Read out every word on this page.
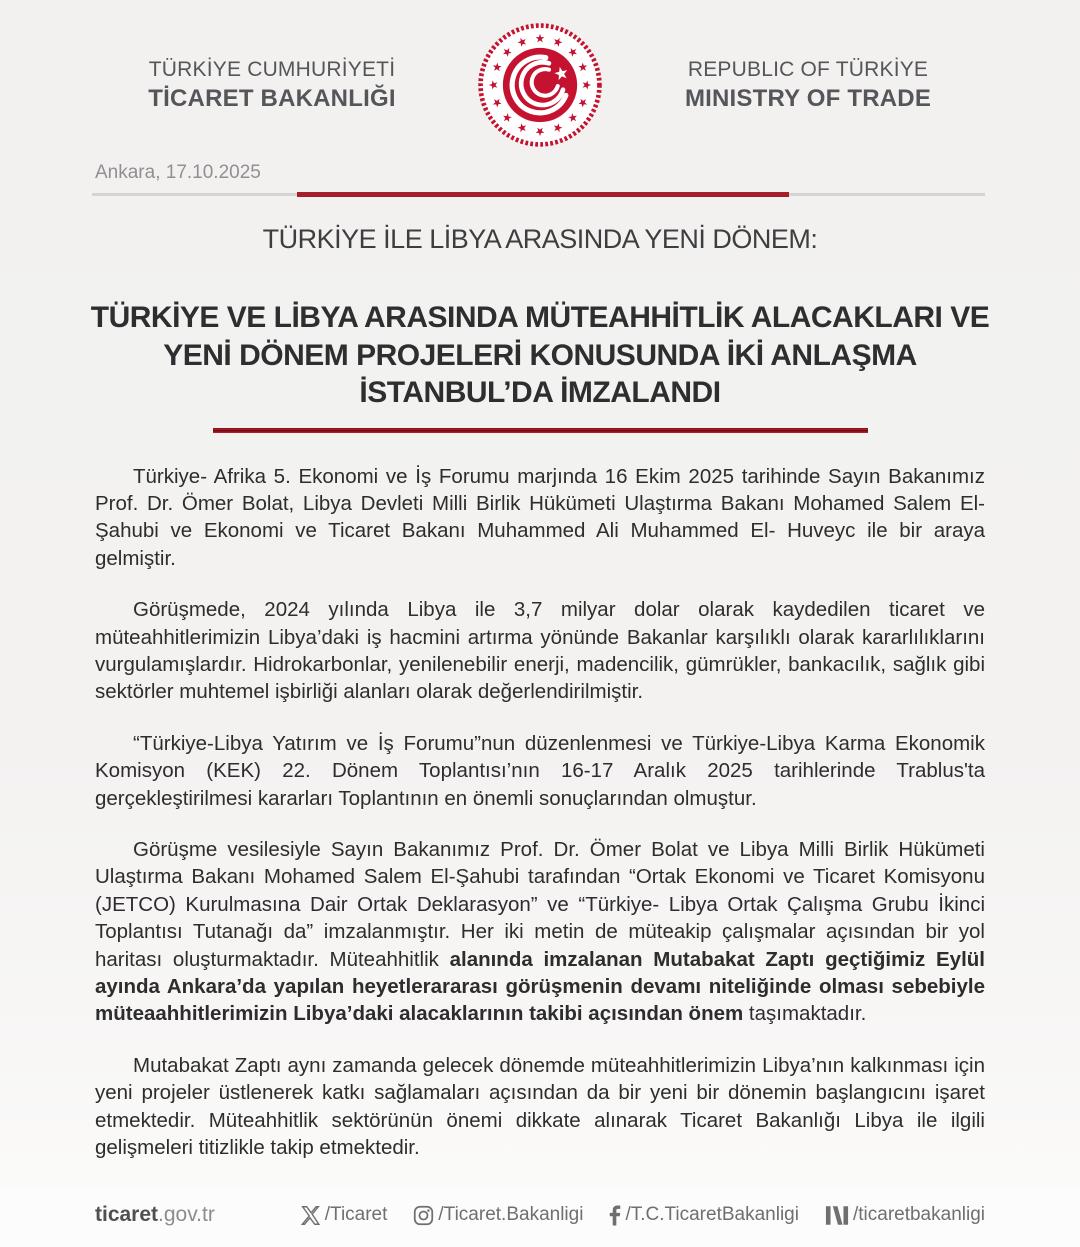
TÜRKİYE CUMHURİYETİ
TİCARET BAKANLIĞI
REPUBLIC OF TÜRKİYE
MINISTRY OF TRADE
Ankara, 17.10.2025
TÜRKİYE İLE LİBYA ARASINDA YENİ DÖNEM:
TÜRKİYE VE LİBYA ARASINDA MÜTEAHHİTLİK ALACAKLARI VE YENİ DÖNEM PROJELERİ KONUSUNDA İKİ ANLAŞMA İSTANBUL’DA İMZALANDI

Türkiye- Afrika 5. Ekonomi ve İş Forumu marjında 16 Ekim 2025 tarihinde Sayın Bakanımız Prof. Dr. Ömer Bolat, Libya Devleti Milli Birlik Hükümeti Ulaştırma Bakanı Mohamed Salem El- Şahubi ve Ekonomi ve Ticaret Bakanı Muhammed Ali Muhammed El- Huveyc ile bir araya gelmiştir.

Görüşmede, 2024 yılında Libya ile 3,7 milyar dolar olarak kaydedilen ticaret ve müteahhitlerimizin Libya’daki iş hacmini artırma yönünde Bakanlar karşılıklı olarak kararlılıklarını vurgulamışlardır. Hidrokarbonlar, yenilenebilir enerji, madencilik, gümrükler, bankacılık, sağlık gibi sektörler muhtemel işbirliği alanları olarak değerlendirilmiştir.

“Türkiye-Libya Yatırım ve İş Forumu”nun düzenlenmesi ve Türkiye-Libya Karma Ekonomik Komisyon (KEK) 22. Dönem Toplantısı’nın 16-17 Aralık 2025 tarihlerinde Trablus'ta gerçekleştirilmesi kararları Toplantının en önemli sonuçlarından olmuştur.

Görüşme vesilesiyle Sayın Bakanımız Prof. Dr. Ömer Bolat ve Libya Milli Birlik Hükümeti Ulaştırma Bakanı Mohamed Salem El-Şahubi tarafından “Ortak Ekonomi ve Ticaret Komisyonu (JETCO) Kurulmasına Dair Ortak Deklarasyon” ve “Türkiye- Libya Ortak Çalışma Grubu İkinci Toplantısı Tutanağı da” imzalanmıştır. Her iki metin de müteakip çalışmalar açısından bir yol haritası oluşturmaktadır. Müteahhitlik alanında imzalanan Mutabakat Zaptı geçtiğimiz Eylül ayında Ankara’da yapılan heyetlerararası görüşmenin devamı niteliğinde olması sebebiyle müteaahhitlerimizin Libya’daki alacaklarının takibi açısından önem taşımaktadır.

Mutabakat Zaptı aynı zamanda gelecek dönemde müteahhitlerimizin Libya’nın kalkınması için yeni projeler üstlenerek katkı sağlamaları açısından da bir yeni bir dönemin başlangıcını işaret etmektedir. Müteahhitlik sektörünün önemi dikkate alınarak Ticaret Bakanlığı Libya ile ilgili gelişmeleri titizlikle takip etmektedir.

ticaret.gov.tr	/Ticaret	/Ticaret.Bakanligi /T.C.TicaretBakanligi	/ticaretbakanligi
